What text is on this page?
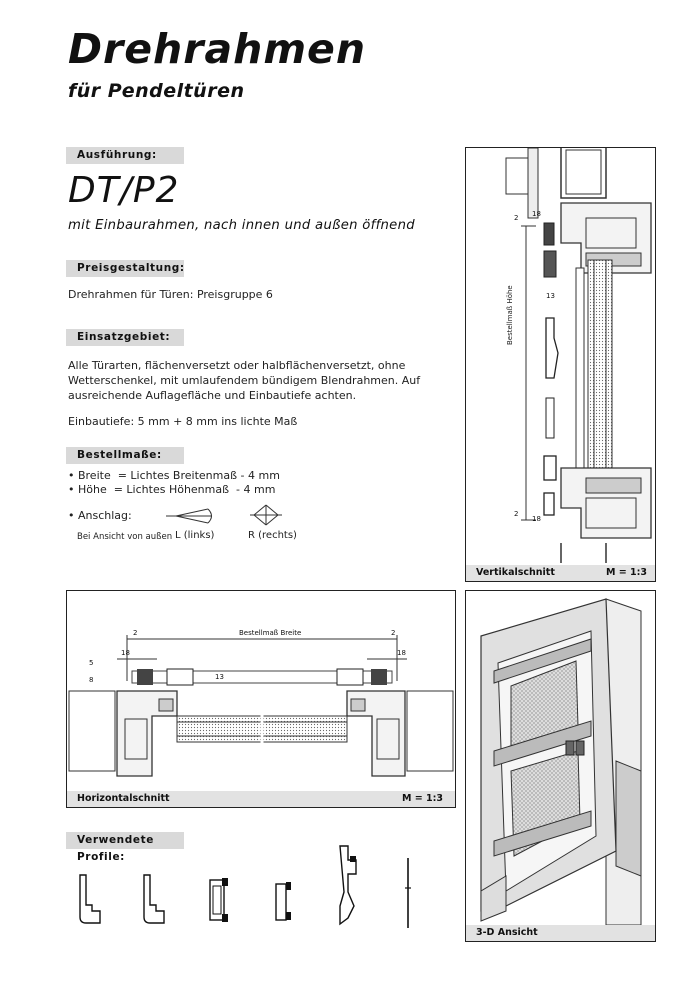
Drehrahmen
für Pendeltüren
Ausführung:
DT/P2
mit Einbaurahmen, nach innen und außen öffnend
Preisgestaltung:
Drehrahmen für Türen: Preisgruppe 6
Einsatzgebiet:
Alle Türarten, flächenversetzt oder halbflächenversetzt, ohne
Wetterschenkel, mit umlaufendem bündigem Blendrahmen. Auf
ausreichende Auflagefläche und Einbautiefe achten.
Einbautiefe: 5 mm + 8 mm ins lichte Maß
Bestellmaße:
• Breite  = Lichtes Breitenmaß - 4 mm
• Höhe  = Lichtes Höhenmaß  - 4 mm
• Anschlag:
Bei Ansicht von außen L (links)	R (rechts)
Bestellmaß Höhe
2 18
13
2
18
Vertikalschnitt	M = 1:3
Bestellmaß Breite
2
18
5
8	13
2
18
Horizontalschnitt	M = 1:3
3-D Ansicht
Verwendete Profile:
